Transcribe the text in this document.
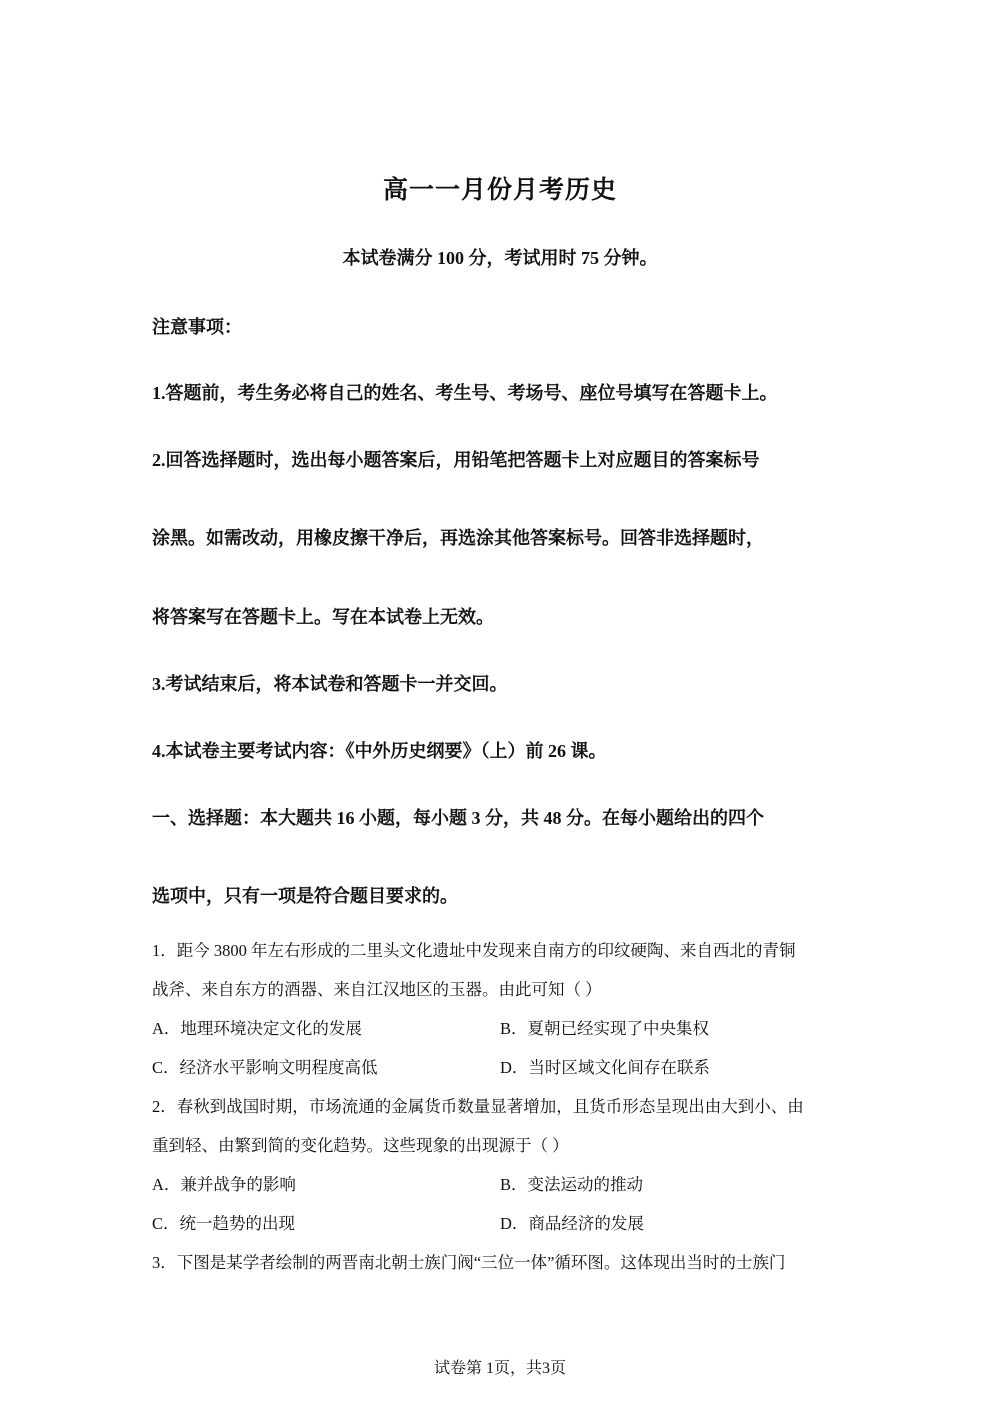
高一一月份月考历史
本试卷满分 100 分，考试用时 75 分钟。
注意事项：
1.答题前，考生务必将自己的姓名、考生号、考场号、座位号填写在答题卡上。
2.回答选择题时，选出每小题答案后，用铅笔把答题卡上对应题目的答案标号
涂黑。如需改动，用橡皮擦干净后，再选涂其他答案标号。回答非选择题时，
将答案写在答题卡上。写在本试卷上无效。
3.考试结束后，将本试卷和答题卡一并交回。
4.本试卷主要考试内容：《中外历史纲要》（上）前 26 课。
一、选择题：本大题共 16 小题，每小题 3 分，共 48 分。在每小题给出的四个
选项中，只有一项是符合题目要求的。
1．距今 3800 年左右形成的二里头文化遗址中发现来自南方的印纹硬陶、来自西北的青铜
战斧、来自东方的酒器、来自江汉地区的玉器。由此可知（ ）
A．地理环境决定文化的发展	B．夏朝已经实现了中央集权
C．经济水平影响文明程度高低	D．当时区域文化间存在联系
2．春秋到战国时期，市场流通的金属货币数量显著增加，且货币形态呈现出由大到小、由
重到轻、由繁到简的变化趋势。这些现象的出现源于（ ）
A．兼并战争的影响	B．变法运动的推动
C．统一趋势的出现	D．商品经济的发展
3．下图是某学者绘制的两晋南北朝士族门阀“三位一体”循环图。这体现出当时的士族门
试卷第 1页，共3页
